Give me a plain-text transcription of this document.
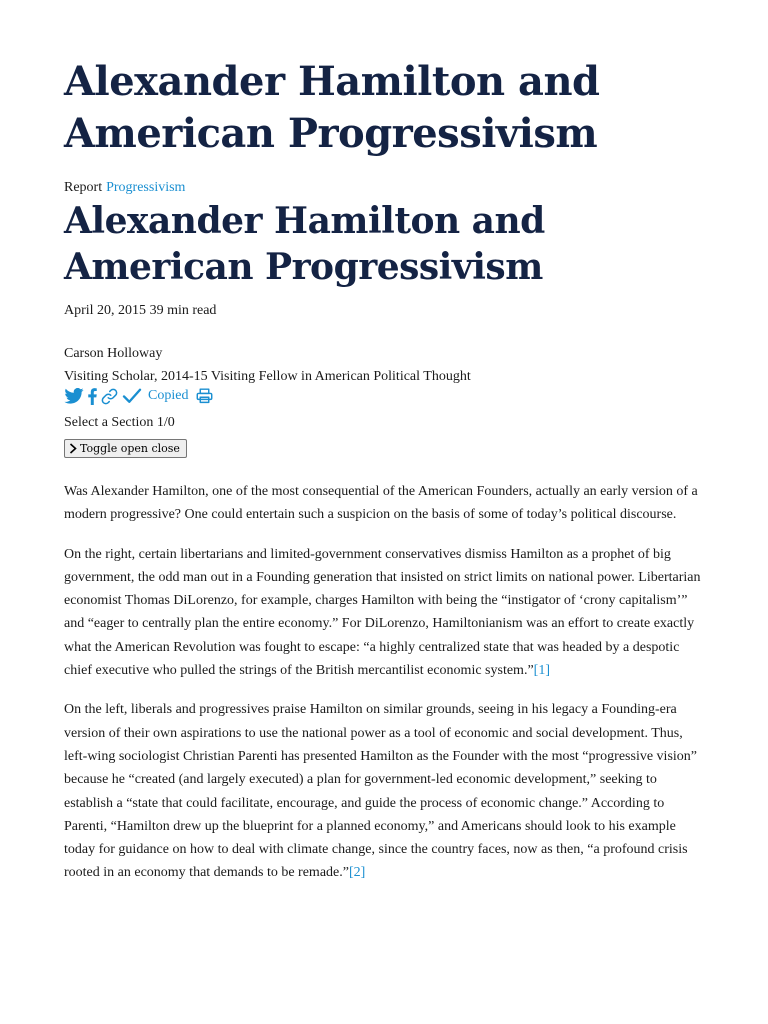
Alexander Hamilton and American Progressivism
Report Progressivism
Alexander Hamilton and American Progressivism
April 20, 2015 39 min read
Carson Holloway
Visiting Scholar, 2014-15 Visiting Fellow in American Political Thought
Copied
Select a Section 1/0
Toggle open close

Was Alexander Hamilton, one of the most consequential of the American Founders, actually an early version of a modern progressive? One could entertain such a suspicion on the basis of some of today’s political discourse.

On the right, certain libertarians and limited-government conservatives dismiss Hamilton as a prophet of big government, the odd man out in a Founding generation that insisted on strict limits on national power. Libertarian economist Thomas DiLorenzo, for example, charges Hamilton with being the “instigator of ‘crony capitalism’” and “eager to centrally plan the entire economy.” For DiLorenzo, Hamiltonianism was an effort to create exactly what the American Revolution was fought to escape: “a highly centralized state that was headed by a despotic chief executive who pulled the strings of the British mercantilist economic system.”[1]

On the left, liberals and progressives praise Hamilton on similar grounds, seeing in his legacy a Founding-era version of their own aspirations to use the national power as a tool of economic and social development. Thus, left-wing sociologist Christian Parenti has presented Hamilton as the Founder with the most “progressive vision” because he “created (and largely executed) a plan for government-led economic development,” seeking to establish a “state that could facilitate, encourage, and guide the process of economic change.” According to Parenti, “Hamilton drew up the blueprint for a planned economy,” and Americans should look to his example today for guidance on how to deal with climate change, since the country faces, now as then, “a profound crisis rooted in an economy that demands to be remade.”[2]
